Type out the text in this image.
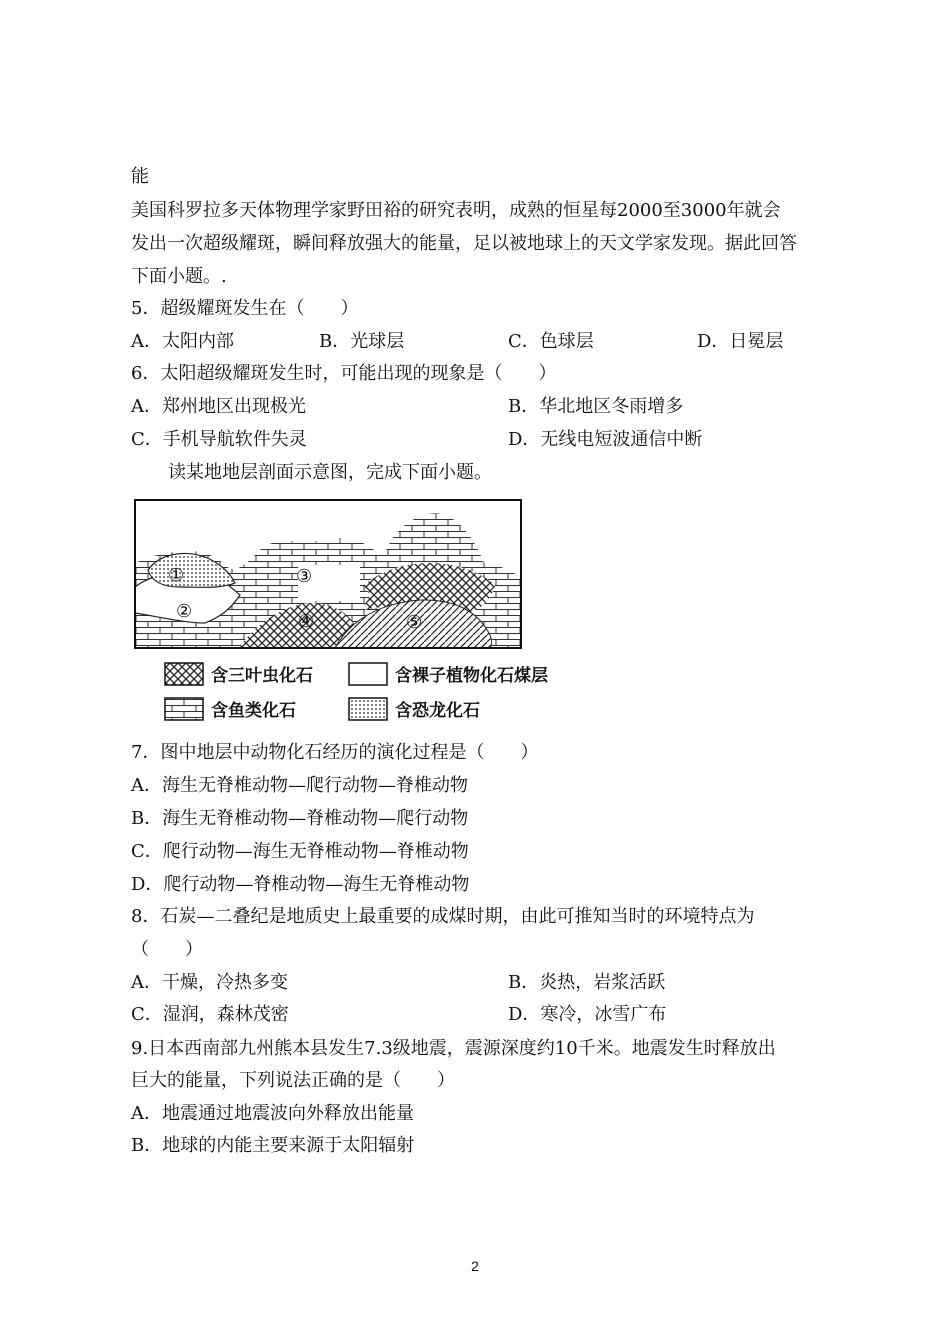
能
美国科罗拉多天体物理学家野田裕的研究表明，成熟的恒星每2000至3000年就会
发出一次超级耀斑，瞬间释放强大的能量，足以被地球上的天文学家发现。据此回答
下面小题。.
5．超级耀斑发生在（　　）
A．太阳内部	B．光球层	C．色球层	D．日冕层
6．太阳超级耀斑发生时，可能出现的现象是（　　）
A．郑州地区出现极光	B．华北地区冬雨增多
C．手机导航软件失灵	D．无线电短波通信中断
读某地地层剖面示意图，完成下面小题。
①
②
③
④	⑤
含三叶虫化石	含裸子植物化石煤层
含鱼类化石	含恐龙化石
7．图中地层中动物化石经历的演化过程是（　　）
A．海生无脊椎动物—爬行动物—脊椎动物
B．海生无脊椎动物—脊椎动物—爬行动物
C．爬行动物—海生无脊椎动物—脊椎动物
D．爬行动物—脊椎动物—海生无脊椎动物
8．石炭—二叠纪是地质史上最重要的成煤时期，由此可推知当时的环境特点为
（　　）
A．干燥，冷热多变	B．炎热，岩浆活跃
C．湿润，森林茂密	D．寒冷，冰雪广布
9.日本西南部九州熊本县发生7.3级地震，震源深度约10千米。地震发生时释放出
巨大的能量，下列说法正确的是（　　）
A．地震通过地震波向外释放出能量
B．地球的内能主要来源于太阳辐射
2
